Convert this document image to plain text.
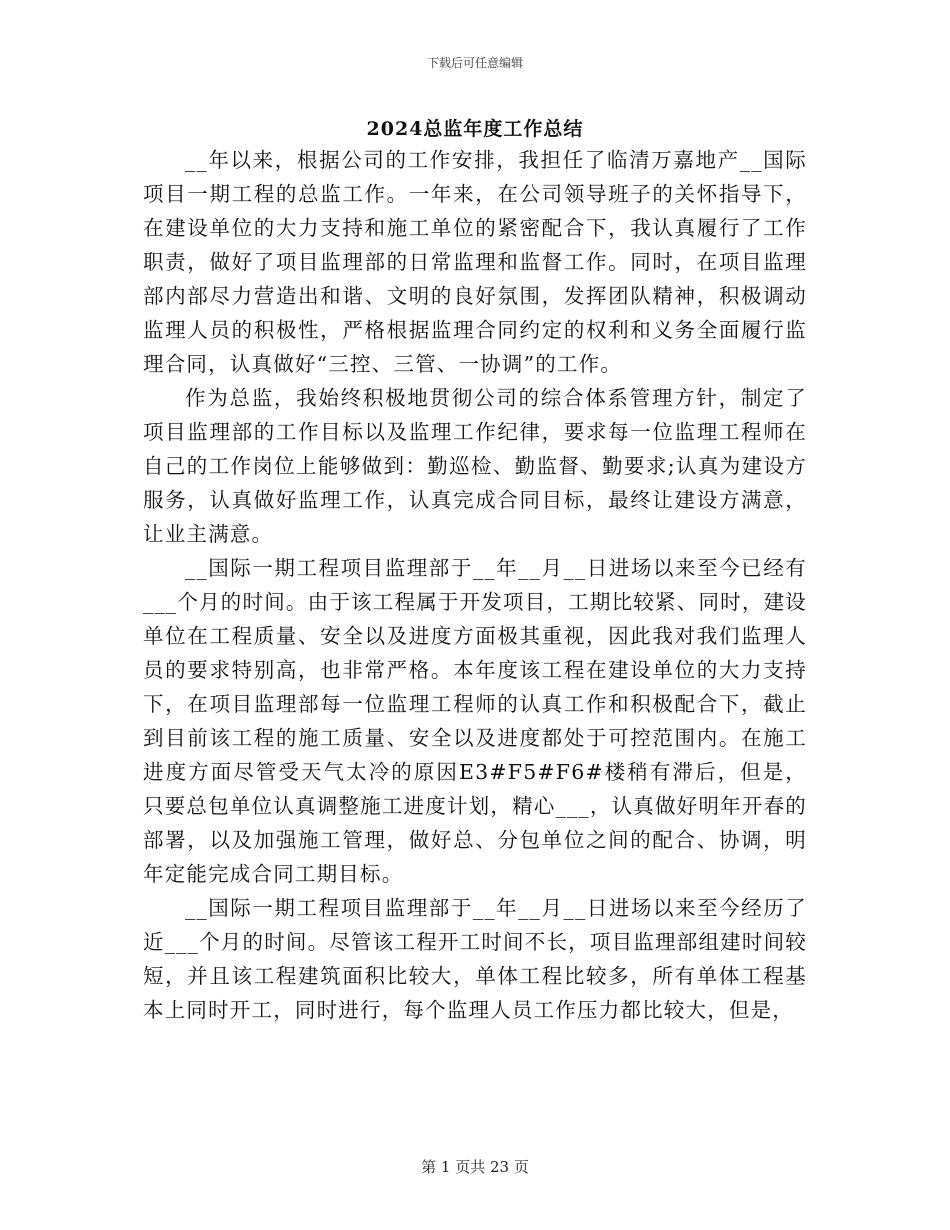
下载后可任意编辑
2024总监年度工作总结

__年以来，根据公司的工作安排，我担任了临清万嘉地产__国际项目一期工程的总监工作。一年来，在公司领导班子的关怀指导下，在建设单位的大力支持和施工单位的紧密配合下，我认真履行了工作职责，做好了项目监理部的日常监理和监督工作。同时，在项目监理部内部尽力营造出和谐、文明的良好氛围，发挥团队精神，积极调动监理人员的积极性，严格根据监理合同约定的权利和义务全面履行监理合同，认真做好“三控、三管、一协调”的工作。

作为总监，我始终积极地贯彻公司的综合体系管理方针，制定了项目监理部的工作目标以及监理工作纪律，要求每一位监理工程师在自己的工作岗位上能够做到：勤巡检、勤监督、勤要求;认真为建设方服务，认真做好监理工作，认真完成合同目标，最终让建设方满意，让业主满意。

__国际一期工程项目监理部于__年__月__日进场以来至今已经有___个月的时间。由于该工程属于开发项目，工期比较紧、同时，建设单位在工程质量、安全以及进度方面极其重视，因此我对我们监理人员的要求特别高，也非常严格。本年度该工程在建设单位的大力支持下，在项目监理部每一位监理工程师的认真工作和积极配合下，截止到目前该工程的施工质量、安全以及进度都处于可控范围内。在施工进度方面尽管受天气太冷的原因E3#F5#F6#楼稍有滞后，但是，只要总包单位认真调整施工进度计划，精心___，认真做好明年开春的部署，以及加强施工管理，做好总、分包单位之间的配合、协调，明年定能完成合同工期目标。

__国际一期工程项目监理部于__年__月__日进场以来至今经历了近___个月的时间。尽管该工程开工时间不长，项目监理部组建时间较短，并且该工程建筑面积比较大，单体工程比较多，所有单体工程基本上同时开工，同时进行，每个监理人员工作压力都比较大，但是，

第 1 页共 23 页
